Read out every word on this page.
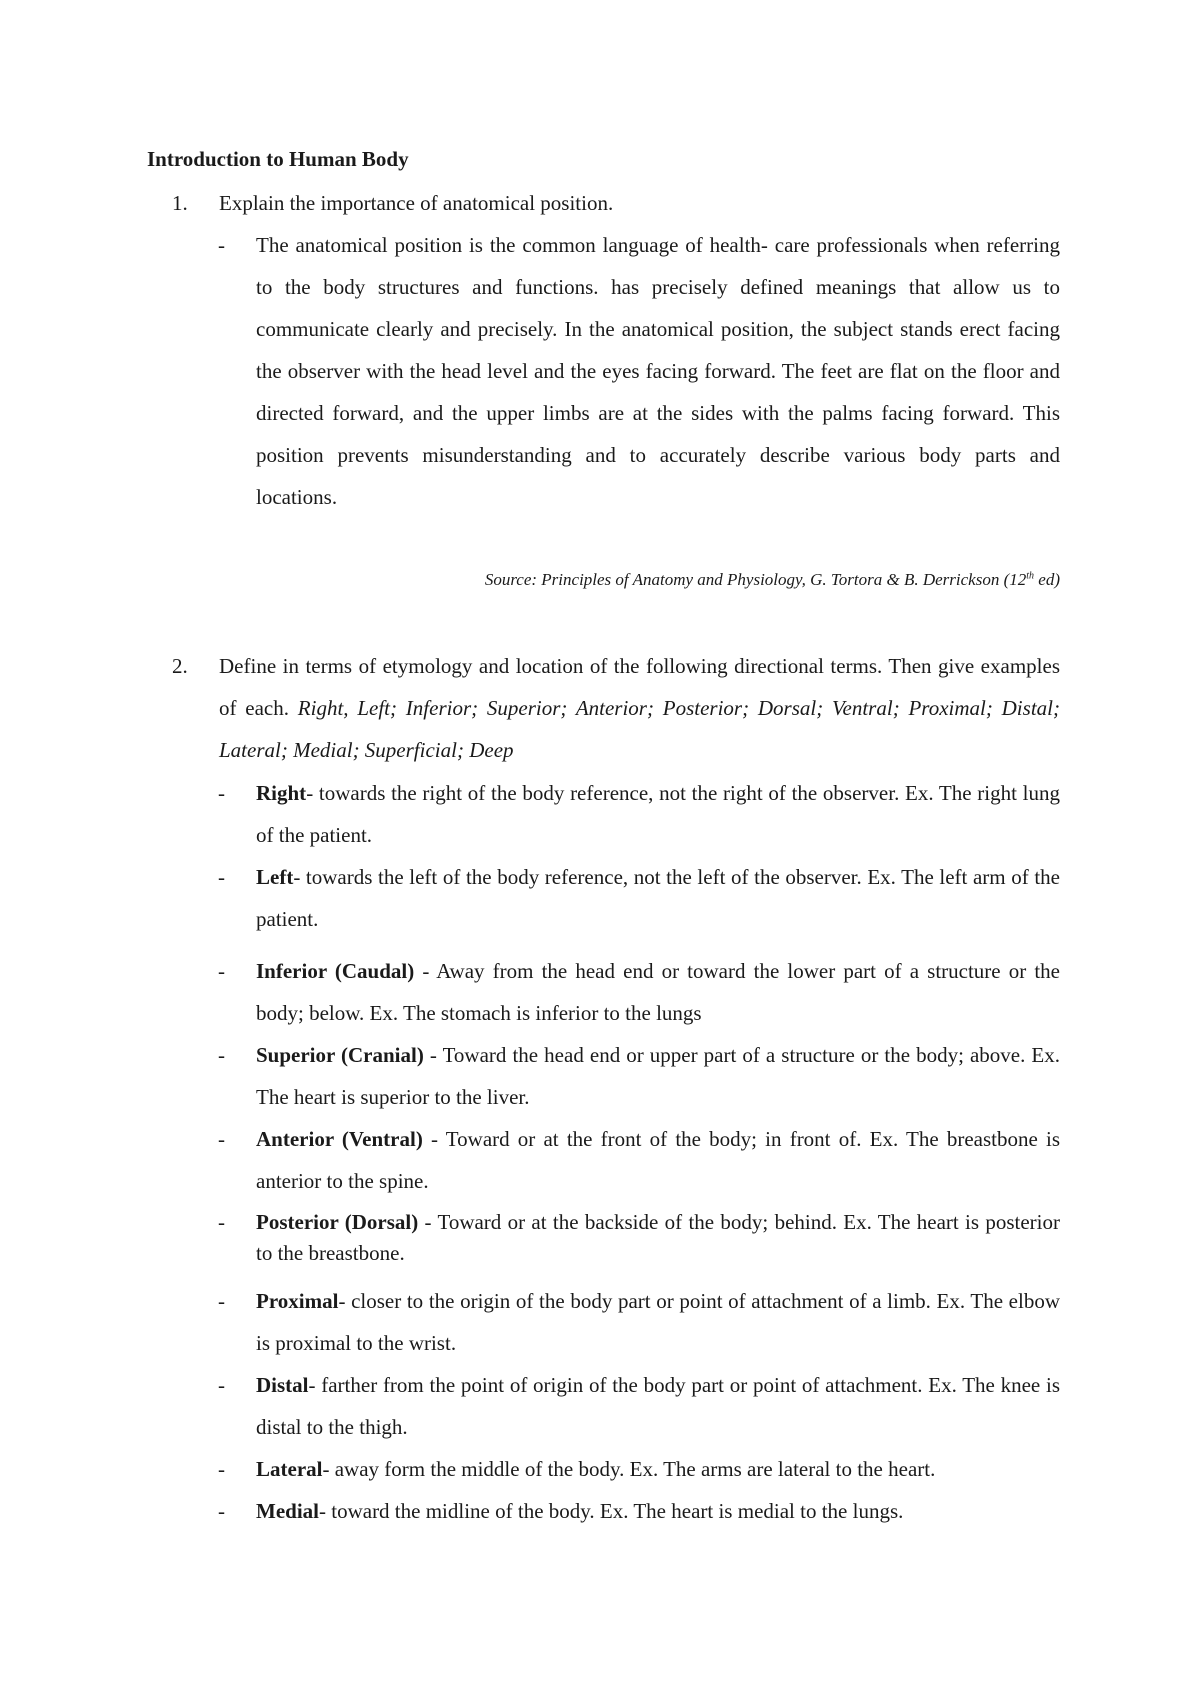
Introduction to Human Body
1. Explain the importance of anatomical position.
- The anatomical position is the common language of health- care professionals when referring to the body structures and functions. has precisely defined meanings that allow us to communicate clearly and precisely. In the anatomical position, the subject stands erect facing the observer with the head level and the eyes facing forward. The feet are flat on the floor and directed forward, and the upper limbs are at the sides with the palms facing forward. This position prevents misunderstanding and to accurately describe various body parts and locations.
Source: Principles of Anatomy and Physiology, G. Tortora & B. Derrickson (12th ed)
2. Define in terms of etymology and location of the following directional terms. Then give examples of each. Right, Left; Inferior; Superior; Anterior; Posterior; Dorsal; Ventral; Proximal; Distal; Lateral; Medial; Superficial; Deep
- Right- towards the right of the body reference, not the right of the observer. Ex. The right lung of the patient.
- Left- towards the left of the body reference, not the left of the observer. Ex. The left arm of the patient.
- Inferior (Caudal) - Away from the head end or toward the lower part of a structure or the body; below. Ex. The stomach is inferior to the lungs
- Superior (Cranial) - Toward the head end or upper part of a structure or the body; above. Ex. The heart is superior to the liver.
- Anterior (Ventral) - Toward or at the front of the body; in front of. Ex. The breastbone is anterior to the spine.
- Posterior (Dorsal) - Toward or at the backside of the body; behind. Ex. The heart is posterior to the breastbone.
- Proximal- closer to the origin of the body part or point of attachment of a limb. Ex. The elbow is proximal to the wrist.
- Distal- farther from the point of origin of the body part or point of attachment. Ex. The knee is distal to the thigh.
- Lateral- away form the middle of the body. Ex. The arms are lateral to the heart.
- Medial- toward the midline of the body. Ex. The heart is medial to the lungs.
